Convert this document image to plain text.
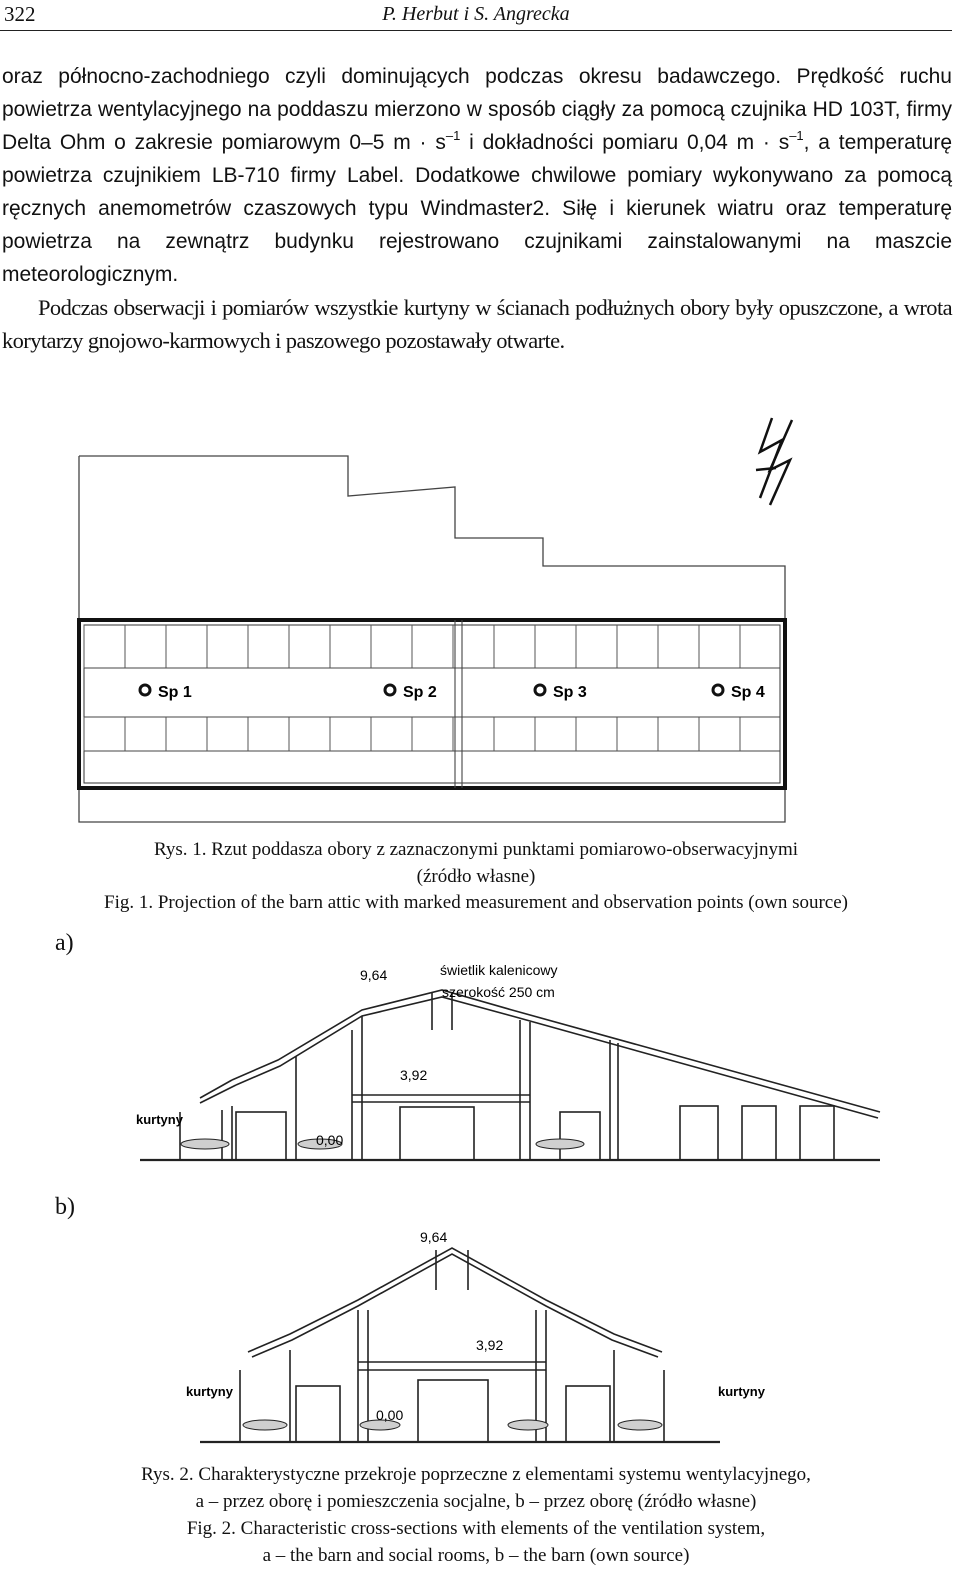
322	P. Herbut i S. Angrecka

oraz północno-zachodniego czyli dominujących podczas okresu badawczego. Prędkość ruchu powietrza wentylacyjnego na poddaszu mierzono w sposób ciągły za pomocą czujnika HD 103T, firmy Delta Ohm o zakresie pomiarowym 0–5 $m \cdot s^{-1}$ i dokładności pomiaru 0,04 $m \cdot s^{-1}$, a temperaturę powietrza czujnikiem LB-710 firmy Label. Dodatkowe chwilowe pomiary wykonywano za pomocą ręcznych anemometrów czaszowych typu Windmaster2. Siłę i kierunek wiatru oraz temperaturę powietrza na zewnątrz budynku rejestrowano czujnikami zainstalowanymi na maszcie meteorologicznym.

Podczas obserwacji i pomiarów wszystkie kurtyny w ścianach podłużnych obory były opuszczone, a wrota korytarzy gnojowo-karmowych i paszowego pozostawały otwarte.

Sp 1	Sp 2	Sp 3	Sp 4
Rys. 1. Rzut poddasza obory z zaznaczonymi punktami pomiarowo-obserwacyjnymi
(źródło własne)
Fig. 1. Projection of the barn attic with marked measurement and observation points (own source)
a)
b)
9,64	świetlik kalenicowy
szerokość 250 cm
3,92
0,00
kurtyny
9,64
3,92
0,00
kurtyny	kurtyny
Rys. 2. Charakterystyczne przekroje poprzeczne z elementami systemu wentylacyjnego,
a – przez oborę i pomieszczenia socjalne, b – przez oborę (źródło własne)
Fig. 2. Characteristic cross-sections with elements of the ventilation system,
a – the barn and social rooms, b – the barn (own source)
